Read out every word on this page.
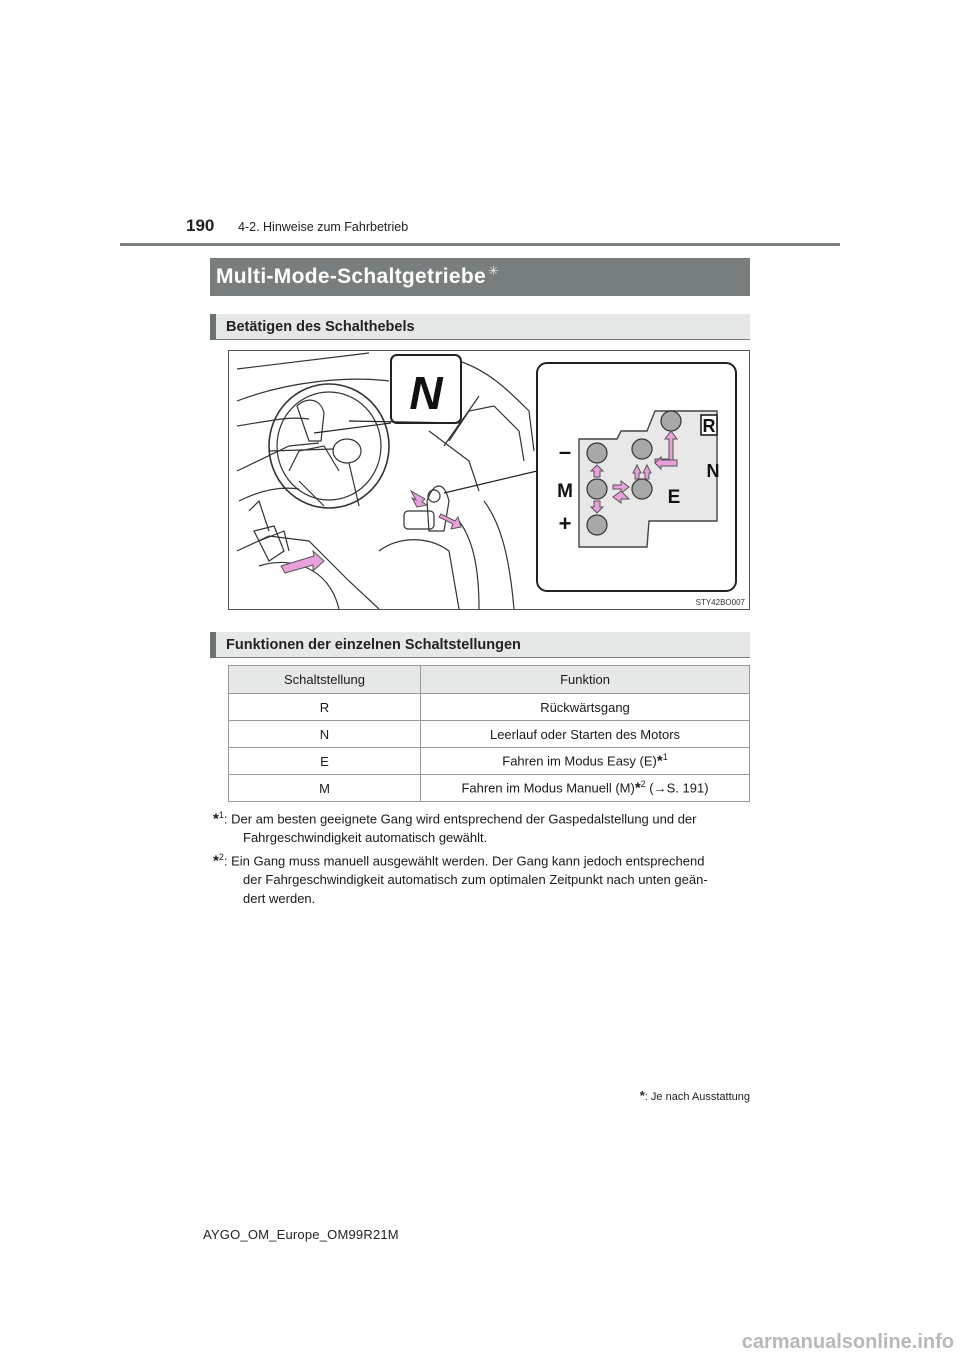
190 4-2. Hinweise zum Fahrbetrieb
Multi-Mode-Schaltgetriebe ✳
Betätigen des Schalthebels
N
–
M
+
R
N
E
STY42BO007
Funktionen der einzelnen Schaltstellungen
Schaltstellung	Funktion
R	Rückwärtsgang
N	Leerlauf oder Starten des Motors
E	Fahren im Modus Easy (E)*$^1$
M	Fahren im Modus Manuell (M)*$^2$ (→S. 191)
*$^1$: Der am besten geeignete Gang wird entsprechend der Gaspedalstellung und der
Fahrgeschwindigkeit automatisch gewählt.
*$^2$: Ein Gang muss manuell ausgewählt werden. Der Gang kann jedoch entsprechend
der Fahrgeschwindigkeit automatisch zum optimalen Zeitpunkt nach unten geän-
dert werden.
*: Je nach Ausstattung
AYGO_OM_Europe_OM99R21M
carmanualsonline.info
